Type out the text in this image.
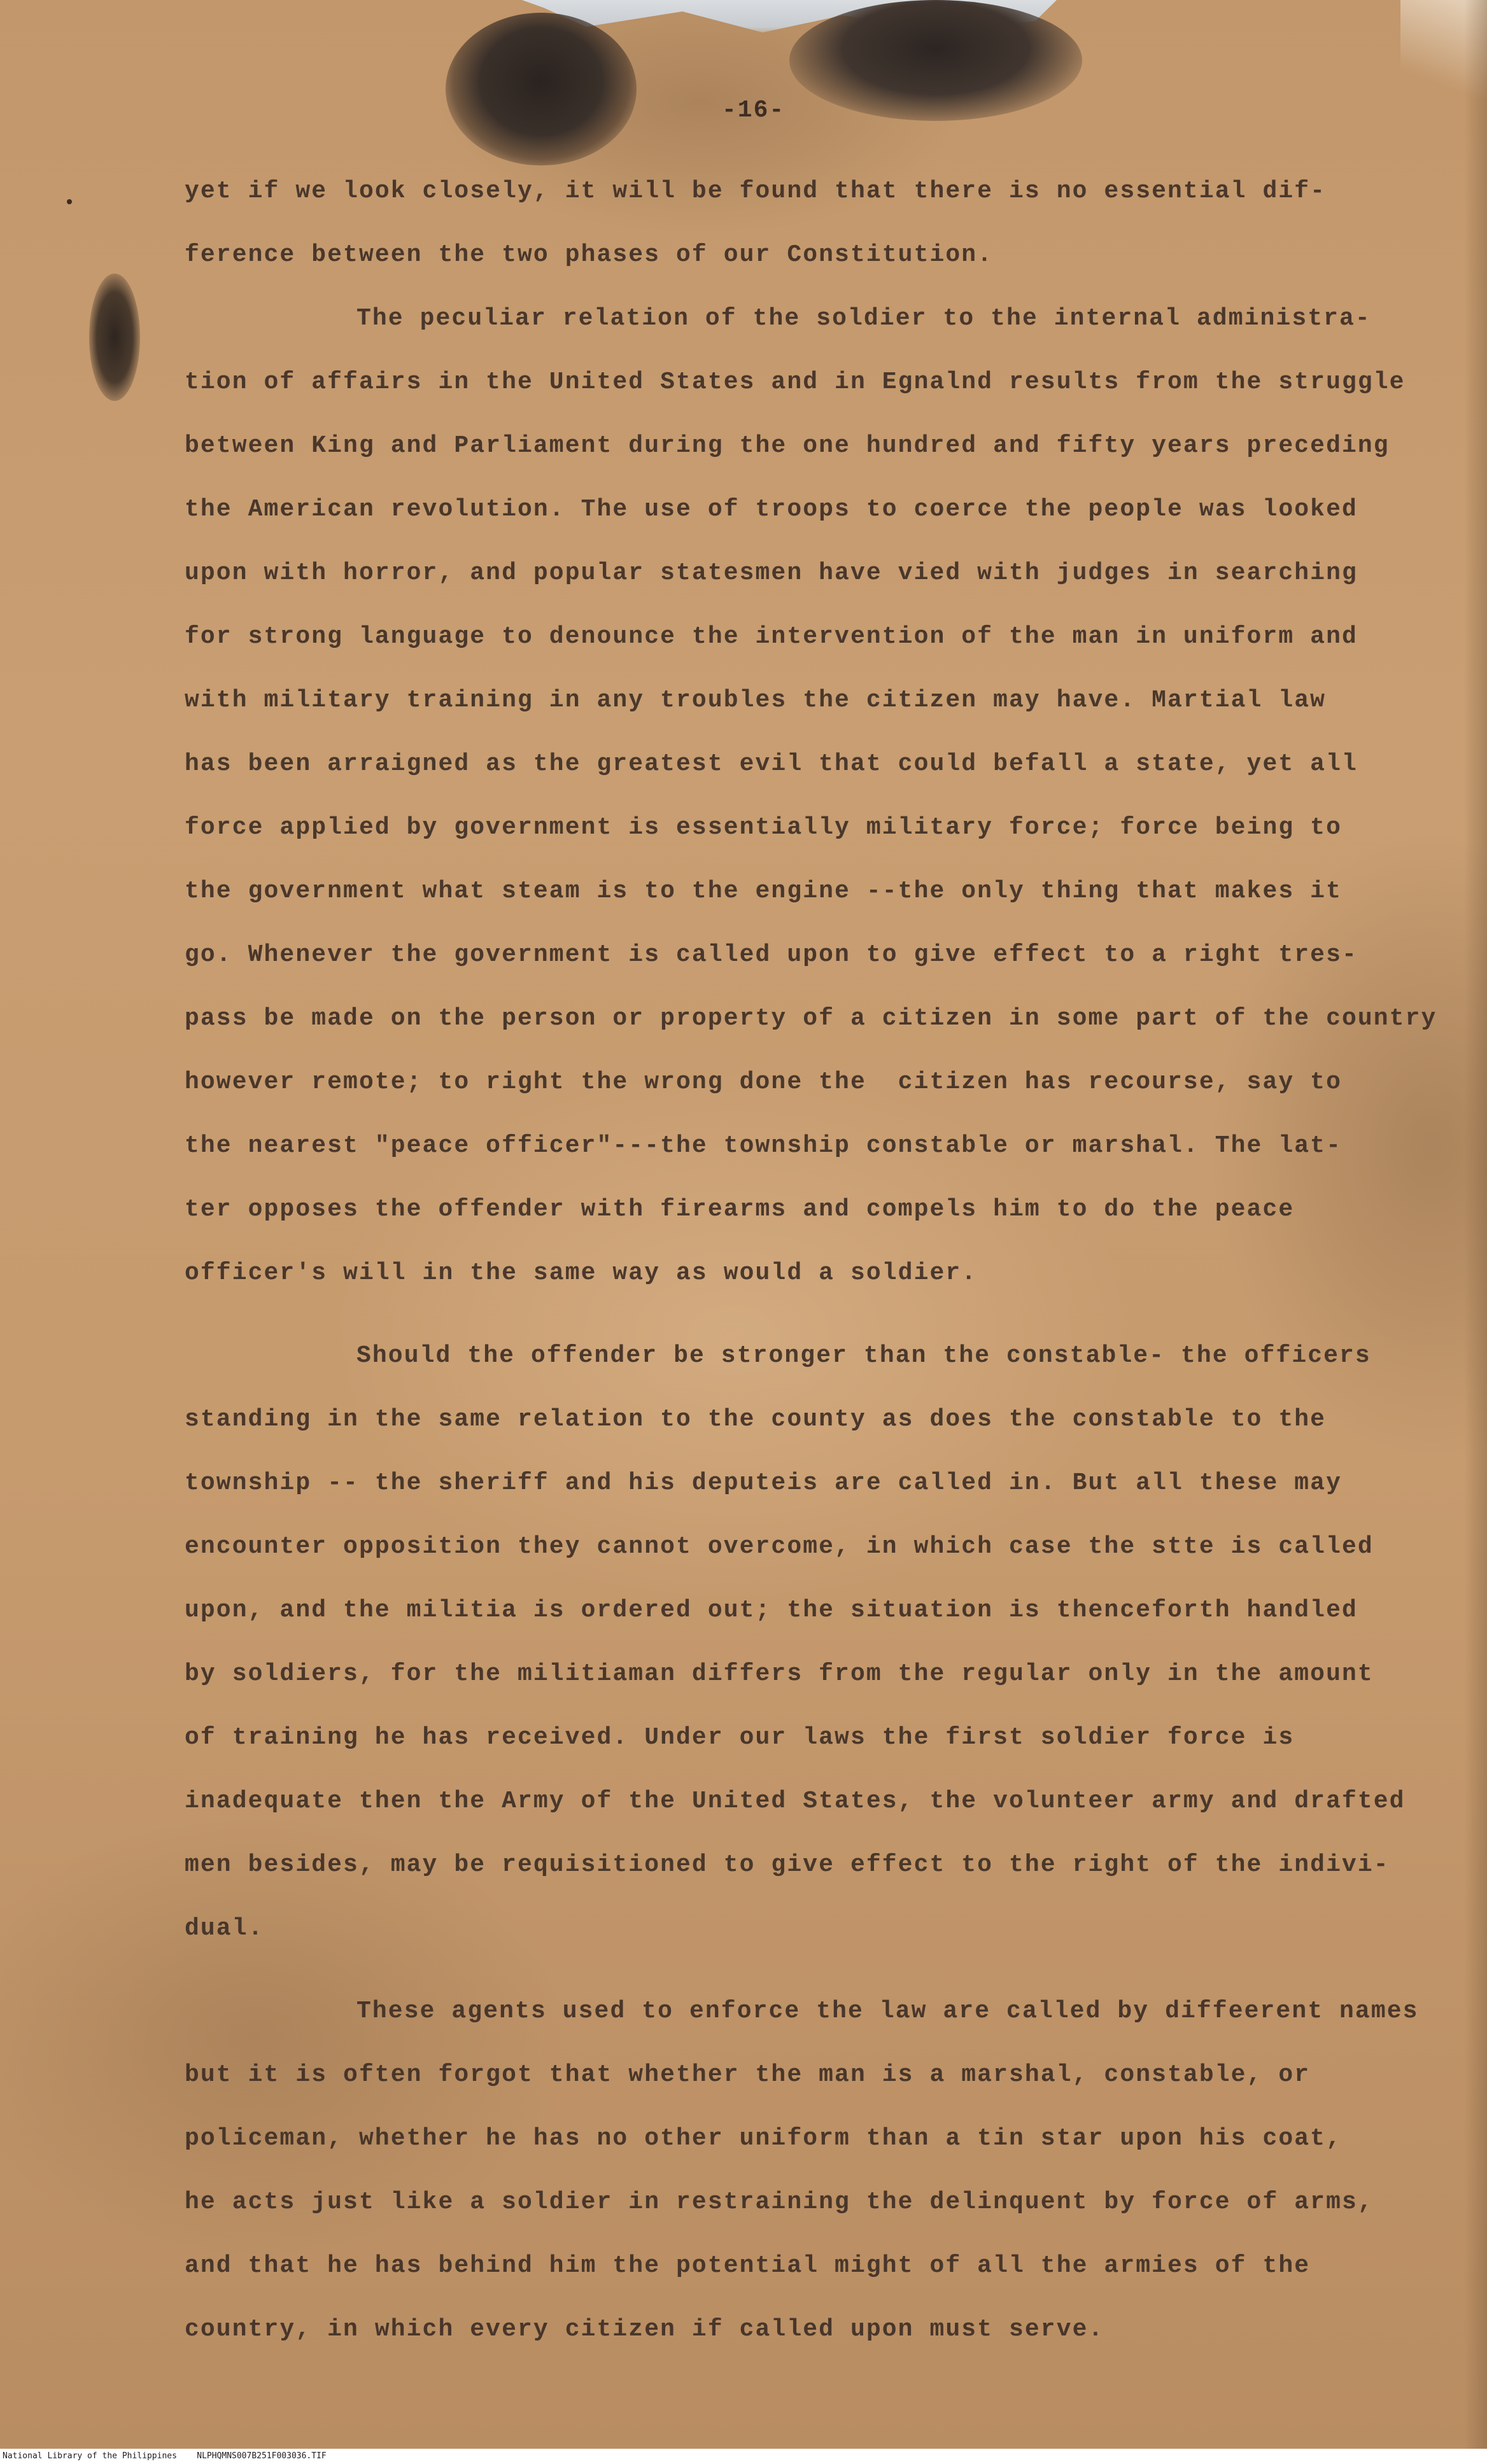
-16-
yet if we look closely, it will be found that there is no essential dif-
ference between the two phases of our Constitution.
The peculiar relation of the soldier to the internal administra-
tion of affairs in the United States and in Egnalnd results from the struggle
between King and Parliament during the one hundred and fifty years preceding
the American revolution. The use of troops to coerce the people was looked
upon with horror, and popular statesmen have vied with judges in searching
for strong language to denounce the intervention of the man in uniform and
with military training in any troubles the citizen may have. Martial law
has been arraigned as the greatest evil that could befall a state, yet all
force applied by government is essentially military force; force being to
the government what steam is to the engine --the only thing that makes it
go. Whenever the government is called upon to give effect to a right tres-
pass be made on the person or property of a citizen in some part of the country
however remote; to right the wrong done the  citizen has recourse, say to
the nearest "peace officer"---the township constable or marshal. The lat-
ter opposes the offender with firearms and compels him to do the peace
officer's will in the same way as would a soldier.
Should the offender be stronger than the constable- the officers
standing in the same relation to the county as does the constable to the
township -- the sheriff and his deputeis are called in. But all these may
encounter opposition they cannot overcome, in which case the stte is called
upon, and the militia is ordered out; the situation is thenceforth handled
by soldiers, for the militiaman differs from the regular only in the amount
of training he has received. Under our laws the first soldier force is
inadequate then the Army of the United States, the volunteer army and drafted
men besides, may be requisitioned to give effect to the right of the indivi-
dual.
These agents used to enforce the law are called by diffeerent names
but it is often forgot that whether the man is a marshal, constable, or
policeman, whether he has no other uniform than a tin star upon his coat,
he acts just like a soldier in restraining the delinquent by force of arms,
and that he has behind him the potential might of all the armies of the
country, in which every citizen if called upon must serve.
National Library of the Philippines    NLPHQMNS007B251F003036.TIF
